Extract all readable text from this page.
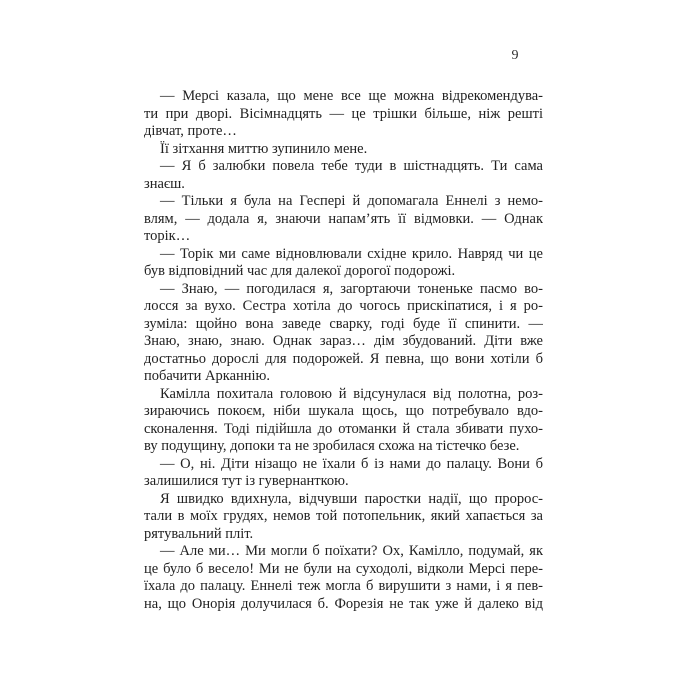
9

— Мерсі казала, що мене все ще можна відрекомендува-
ти при дворі. Вісімнадцять — це трішки більше, ніж решті
дівчат, проте…

Її зітхання миттю зупинило мене.

— Я б залюбки повела тебе туди в шістнадцять. Ти сама
знаєш.

— Тільки я була на Геспері й допомагала Еннелі з немо-
влям, — додала я, знаючи напам’ять її відмовки. — Однак
торік…

— Торік ми саме відновлювали східне крило. Навряд чи це
був відповідний час для далекої дорогої подорожі.

— Знаю, — погодилася я, загортаючи тоненьке пасмо во-
лосся за вухо. Сестра хотіла до чогось прискіпатися, і я ро-
зуміла: щойно вона заведе сварку, годі буде її спинити. —
Знаю, знаю, знаю. Однак зараз… дім збудований. Діти вже
достатньо дорослі для подорожей. Я певна, що вони хотіли б
побачити Арканнію.

Камілла похитала головою й відсунулася від полотна, роз-
зираючись покоєм, ніби шукала щось, що потребувало вдо-
сконалення. Тоді підійшла до отоманки й стала збивати пухо-
ву подущину, допоки та не зробилася схожа на тістечко безе.

— О, ні. Діти нізащо не їхали б із нами до палацу. Вони б
залишилися тут із гувернанткою.

Я швидко вдихнула, відчувши паростки надії, що пророс-
тали в моїх грудях, немов той потопельник, який хапається за
рятувальний пліт.

— Але ми… Ми могли б поїхати? Ох, Камілло, подумай, як
це було б весело! Ми не були на суходолі, відколи Мерсі пере-
їхала до палацу. Еннелі теж могла б вирушити з нами, і я пев-
на, що Онорія долучилася б. Форезія не так уже й далеко від
